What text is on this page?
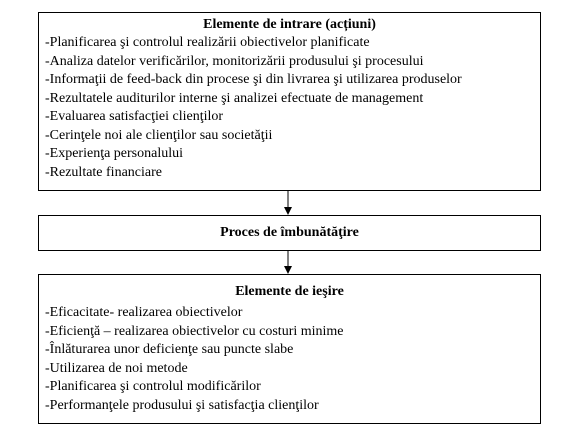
Elemente de intrare (acțiuni)
-Planificarea şi controlul realizării obiectivelor planificate
-Analiza datelor verificărilor, monitorizării produsului şi procesului
-Informaţii de feed-back din procese şi din livrarea şi utilizarea produselor
-Rezultatele auditurilor interne şi analizei efectuate de management
-Evaluarea satisfacţiei clienţilor
-Cerinţele noi ale clienţilor sau societăţii
-Experienţa personalului
-Rezultate financiare
Proces de îmbunătăţire
Elemente de ieşire
-Eficacitate- realizarea obiectivelor
-Eficienţă – realizarea obiectivelor cu costuri minime
-Înlăturarea unor deficienţe sau puncte slabe
-Utilizarea de noi metode
-Planificarea şi controlul modificărilor
-Performanţele produsului şi satisfacţia clienţilor
